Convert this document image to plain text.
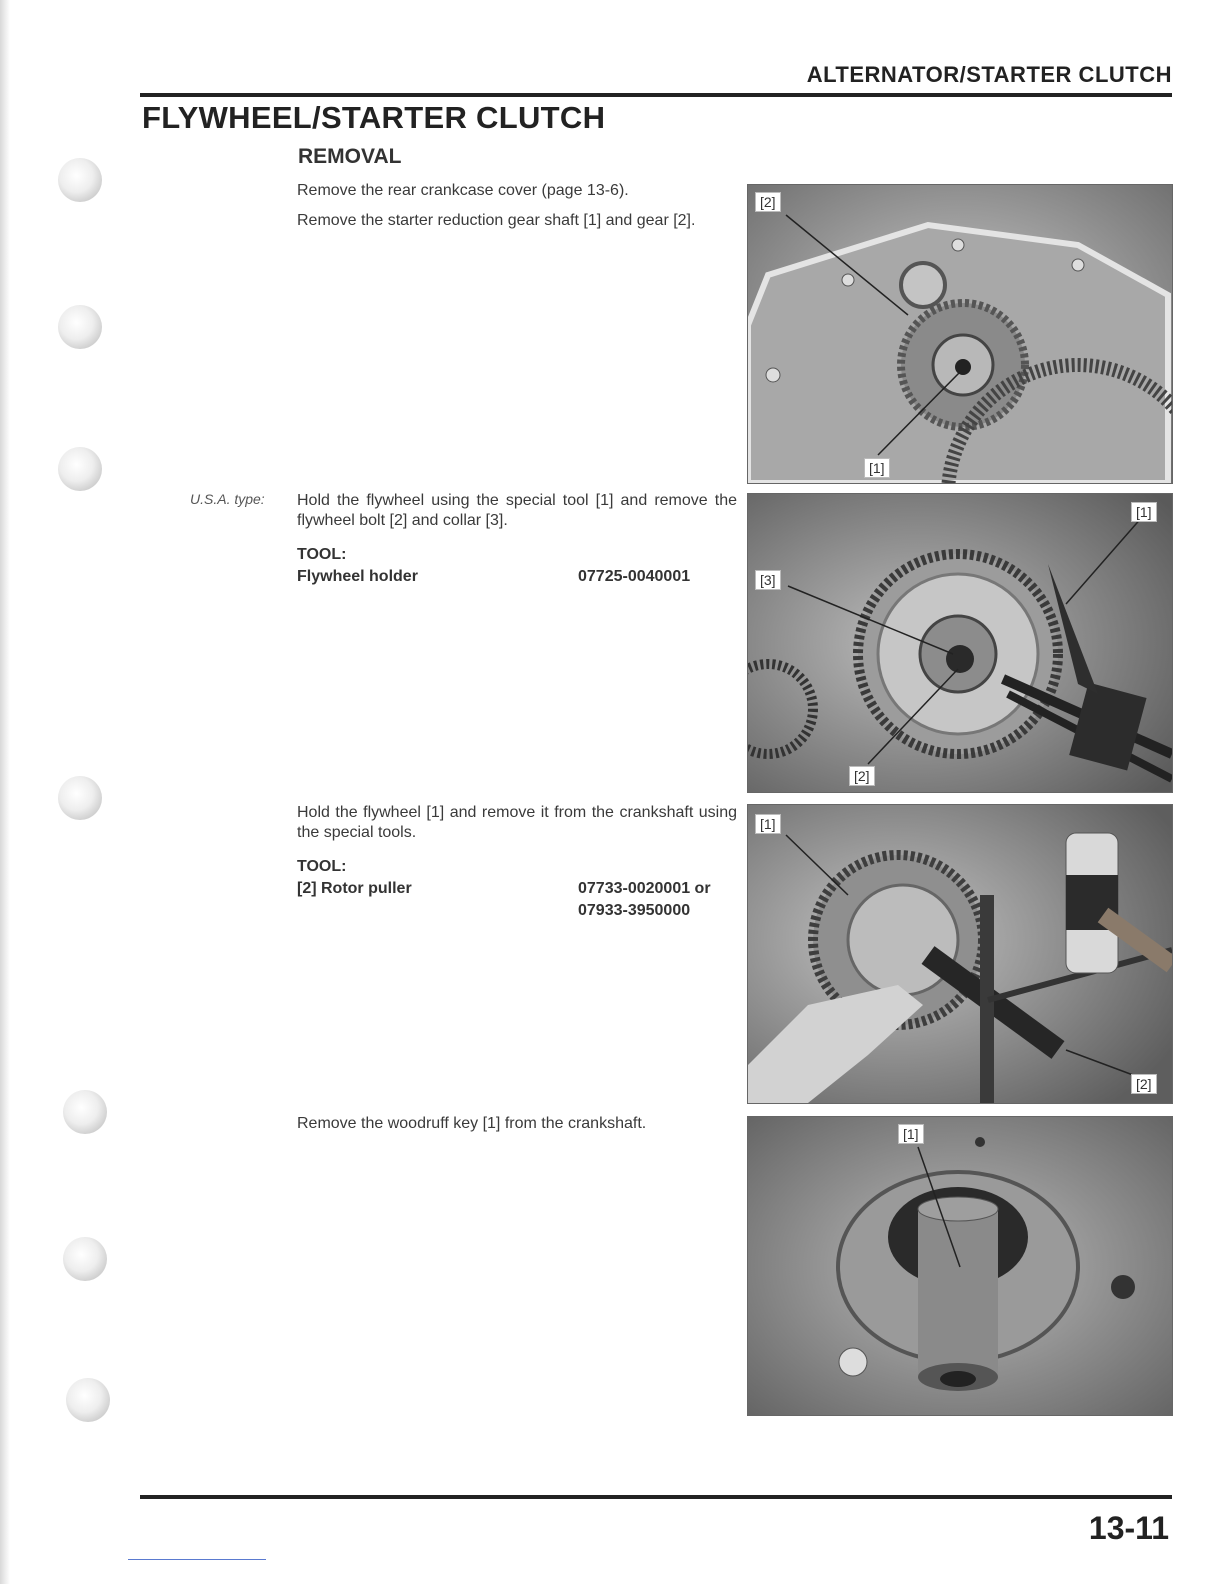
ALTERNATOR/STARTER CLUTCH
FLYWHEEL/STARTER CLUTCH
REMOVAL
Remove the rear crankcase cover (page 13-6).
Remove the starter reduction gear shaft [1] and gear [2].
U.S.A. type: Hold the flywheel using the special tool [1] and remove the flywheel bolt [2] and collar [3].
TOOL:
Flywheel holder	07725-0040001
Hold the flywheel [1] and remove it from the crankshaft using the special tools.
TOOL:
[2] Rotor puller	07733-0020001 or
07933-3950000
Remove the woodruff key [1] from the crankshaft.
[2]
[1]
[1]
[3]
[2]
[1]
[2]
[1]
13-11
